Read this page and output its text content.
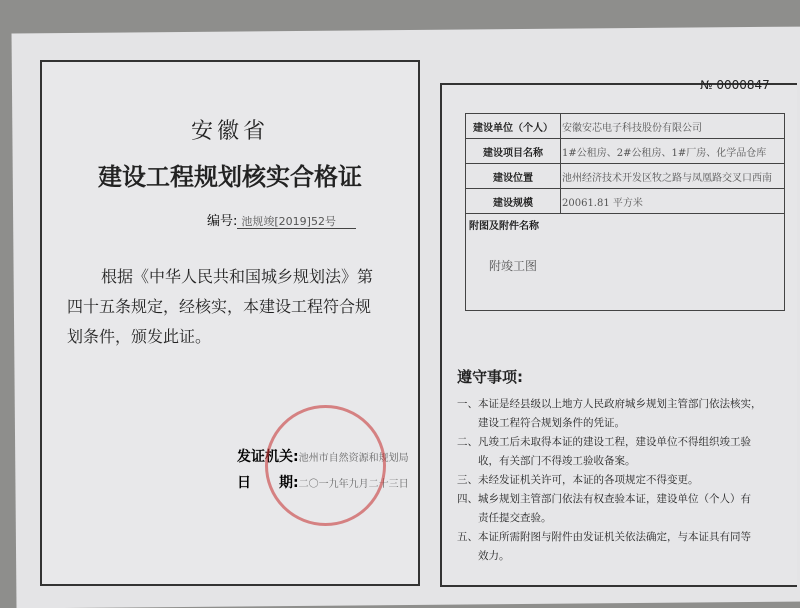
安徽省
建设工程规划核实合格证
编号: 池规竣[2019]52号
根据《中华人民共和国城乡规划法》第
四十五条规定，经核实，本建设工程符合规
划条件，颁发此证。
发证机关:池州市自然资源和规划局
日　　期:二〇一九年九月二十三日
№ 0000847
建设单位（个人）	安徽安芯电子科技股份有限公司
建设项目名称	1#公租房、2#公租房、1#厂房、化学品仓库
建设位置	池州经济技术开发区牧之路与凤凰路交叉口西南
建设规模	20061.81 平方米

附图及附件名称
附竣工图	
遵守事项:
一、本证是经县级以上地方人民政府城乡规划主管部门依法核实，
　　建设工程符合规划条件的凭证。
二、凡竣工后未取得本证的建设工程，建设单位不得组织竣工验
　　收，有关部门不得竣工验收备案。
三、未经发证机关许可，本证的各项规定不得变更。
四、城乡规划主管部门依法有权查验本证，建设单位（个人）有
　　责任提交查验。
五、本证所需附图与附件由发证机关依法确定，与本证具有同等
　　效力。
